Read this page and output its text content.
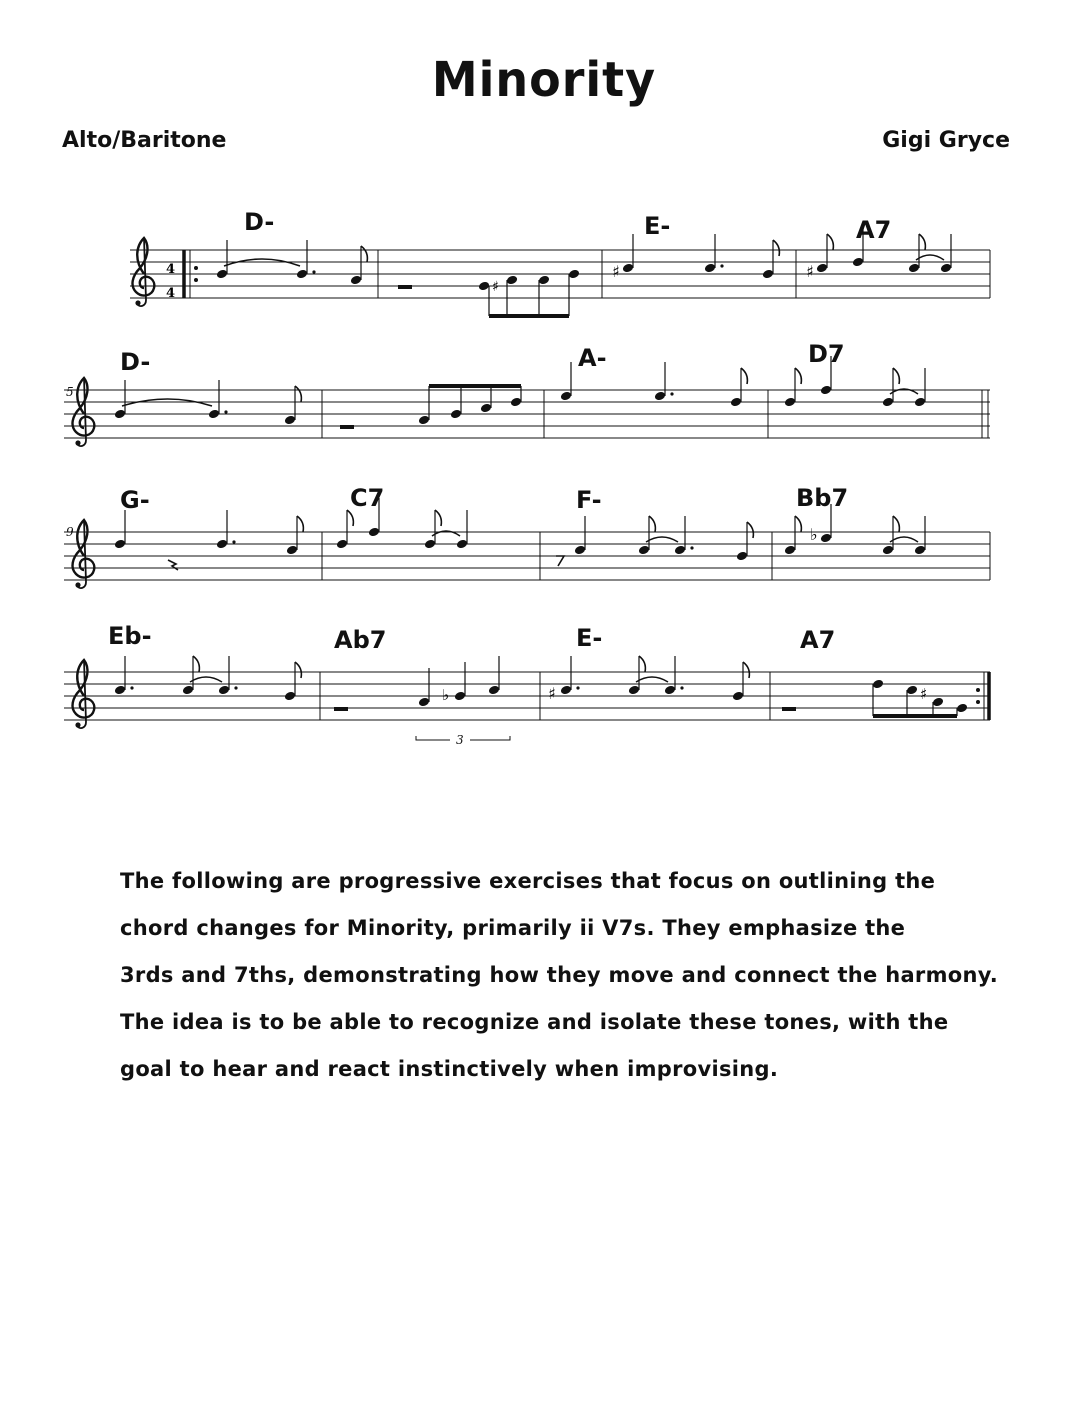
Minority
Alto/Baritone	Gigi Gryce
4
4
D-	E-	A7
♯
♯	♯
5
D-	A-	D7
9
G-	C7	F-	Bb7
♭
Eb-	Ab7	E-	A7
♭
3
♯	♯
The following are progressive exercises that focus on outlining the
chord changes for Minority, primarily ii V7s. They emphasize the
3rds and 7ths, demonstrating how they move and connect the harmony.
The idea is to be able to recognize and isolate these tones, with the
goal to hear and react instinctively when improvising.
